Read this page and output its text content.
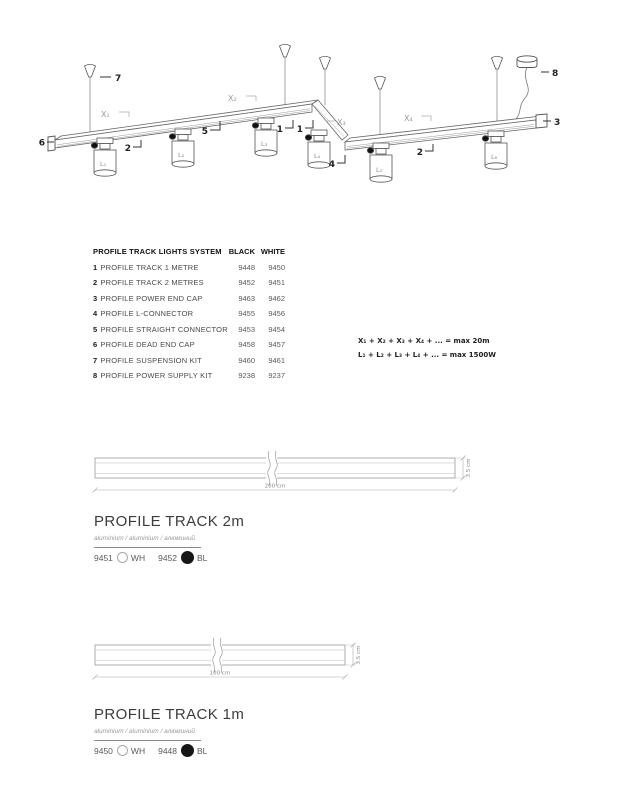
L₁
L₂
L₃
L₄
L₅
L₆
X₁
X₂
X₃	X₄
7	8
3
6
1 1
2	2
5
4
PROFILE TRACK LIGHTS SYSTEM BLACK WHITE
1 PROFILE TRACK 1 METRE	9448	9450
2 PROFILE TRACK 2 METRES	9452	9451
3 PROFILE POWER END CAP	9463	9462
4 PROFILE L-CONNECTOR	9455	9456
5 PROFILE STRAIGHT CONNECTOR	9453	9454
6 PROFILE DEAD END CAP	9458	9457
7 PROFILE SUSPENSION KIT	9460	9461
8 PROFILE POWER SUPPLY KIT	9238	9237
X₁ + X₂ + X₃ + X₄ + ... = max 20m
L₁ + L₂ + L₃ + L₄ + ... = max 1500W
200 cm
3.5 cm
PROFILE TRACK 2m
aluminium / aluminium / алюминий
9451 WH 9452 BL
100 cm
3.5 cm
PROFILE TRACK 1m
aluminium / aluminium / алюминий
9450 WH 9448 BL
